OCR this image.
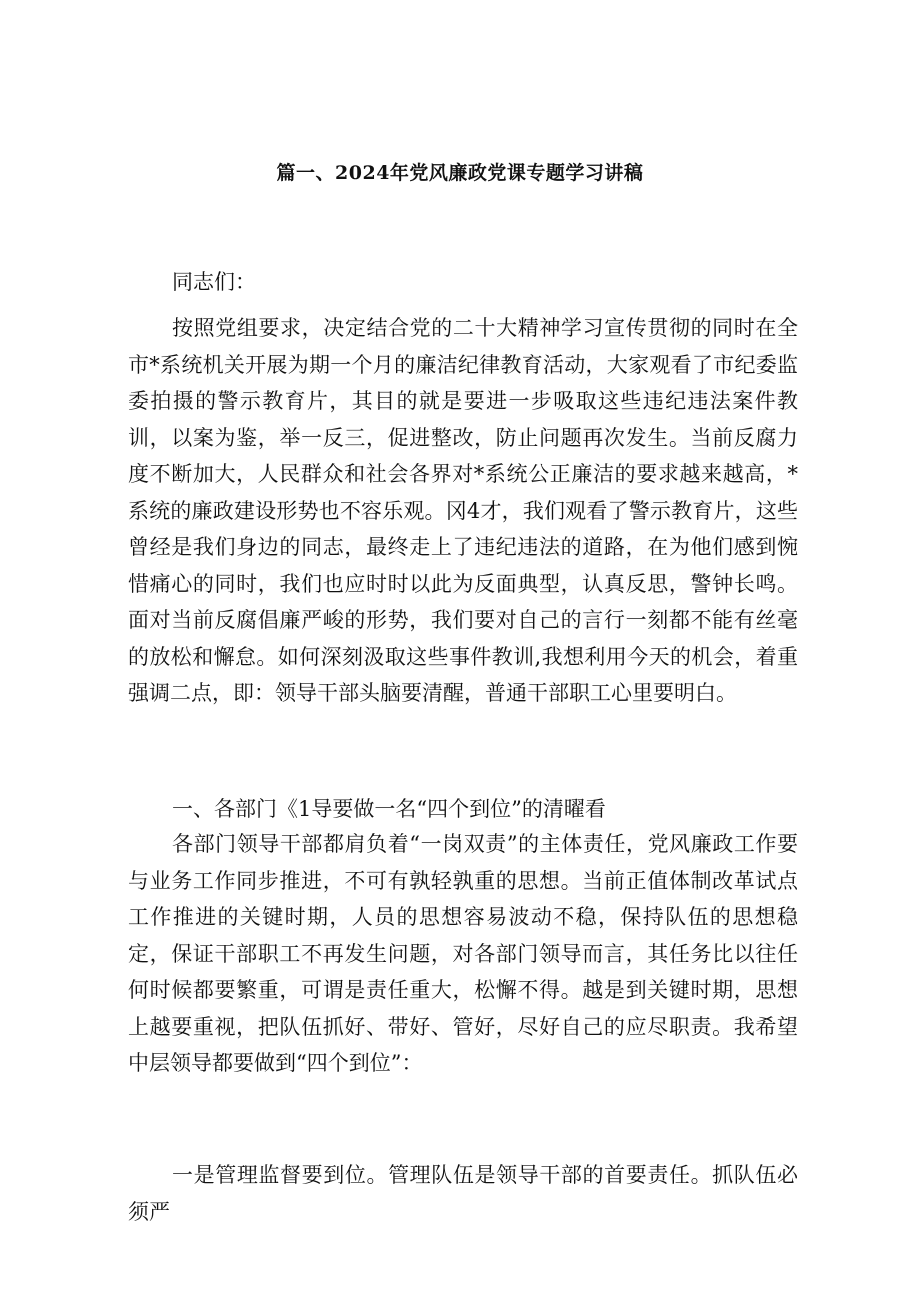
篇一、2024年党风廉政党课专题学习讲稿

同志们：

按照党组要求，决定结合党的二十大精神学习宣传贯彻的同时在全市*系统机关开展为期一个月的廉洁纪律教育活动，大家观看了市纪委监委拍摄的警示教育片，其目的就是要进一步吸取这些违纪违法案件教训，以案为鉴，举一反三，促进整改，防止问题再次发生。当前反腐力度不断加大，人民群众和社会各界对*系统公正廉洁的要求越来越高，*系统的廉政建设形势也不容乐观。冈4才，我们观看了警示教育片，这些曾经是我们身边的同志，最终走上了违纪违法的道路，在为他们感到惋惜痛心的同时，我们也应时时以此为反面典型，认真反思，警钟长鸣。面对当前反腐倡廉严峻的形势，我们要对自己的言行一刻都不能有丝毫的放松和懈怠。如何深刻汲取这些事件教训,我想利用今天的机会，着重强调二点，即：领导干部头脑要清醒，普通干部职工心里要明白。

一、各部门《1导要做一名“四个到位”的清曜看

各部门领导干部都肩负着“一岗双责”的主体责任，党风廉政工作要与业务工作同步推进，不可有孰轻孰重的思想。当前正值体制改革试点工作推进的关键时期，人员的思想容易波动不稳，保持队伍的思想稳定，保证干部职工不再发生问题，对各部门领导而言，其任务比以往任何时候都要繁重，可谓是责任重大，松懈不得。越是到关键时期，思想上越要重视，把队伍抓好、带好、管好，尽好自己的应尽职责。我希望中层领导都要做到“四个到位”：

一是管理监督要到位。管理队伍是领导干部的首要责任。抓队伍必须严
